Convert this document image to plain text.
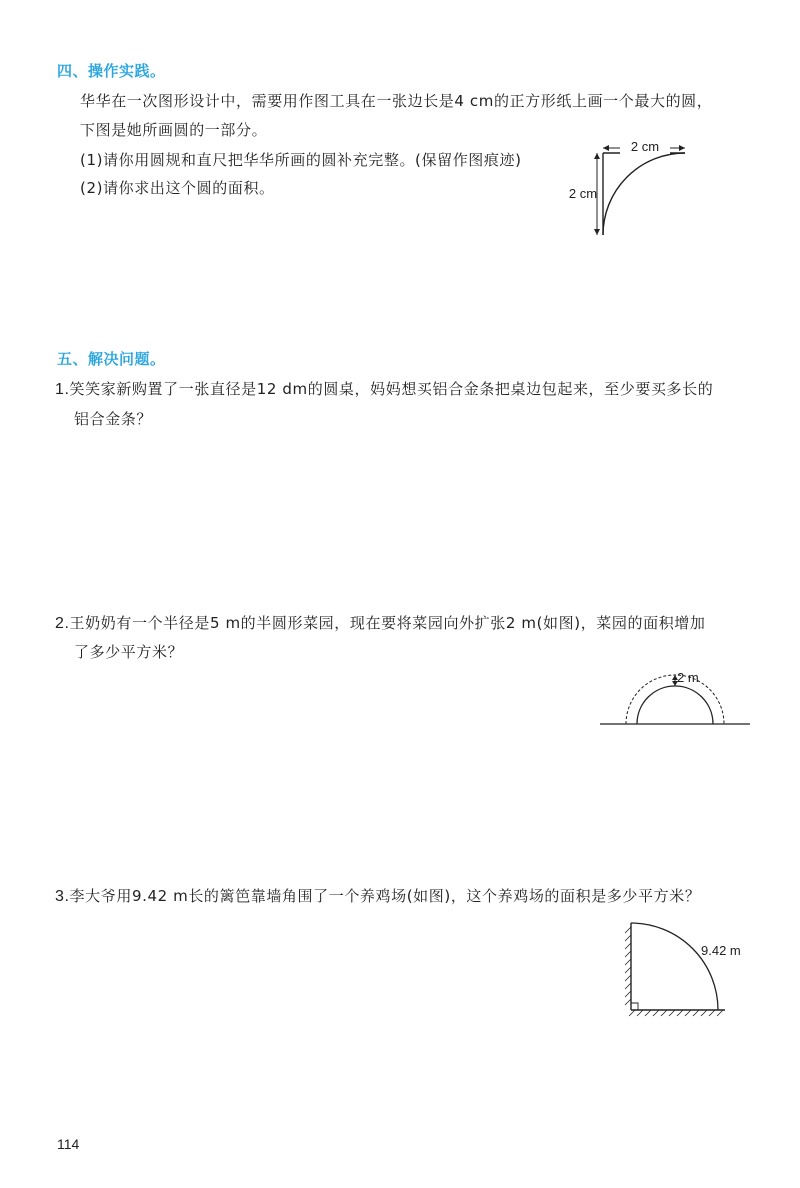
四、操作实践。
华华在一次图形设计中，需要用作图工具在一张边长是4 cm的正方形纸上画一个最大的圆，
下图是她所画圆的一部分。
(1)请你用圆规和直尺把华华所画的圆补充完整。(保留作图痕迹)
(2)请你求出这个圆的面积。
2 cm
2 cm
五、解决问题。
1.笑笑家新购置了一张直径是12 dm的圆桌，妈妈想买铝合金条把桌边包起来，至少要买多长的
铝合金条？
2.王奶奶有一个半径是5 m的半圆形菜园，现在要将菜园向外扩张2 m(如图)，菜园的面积增加
了多少平方米？
2 m
3.李大爷用9.42 m长的篱笆靠墙角围了一个养鸡场(如图)，这个养鸡场的面积是多少平方米？
9.42 m
114
